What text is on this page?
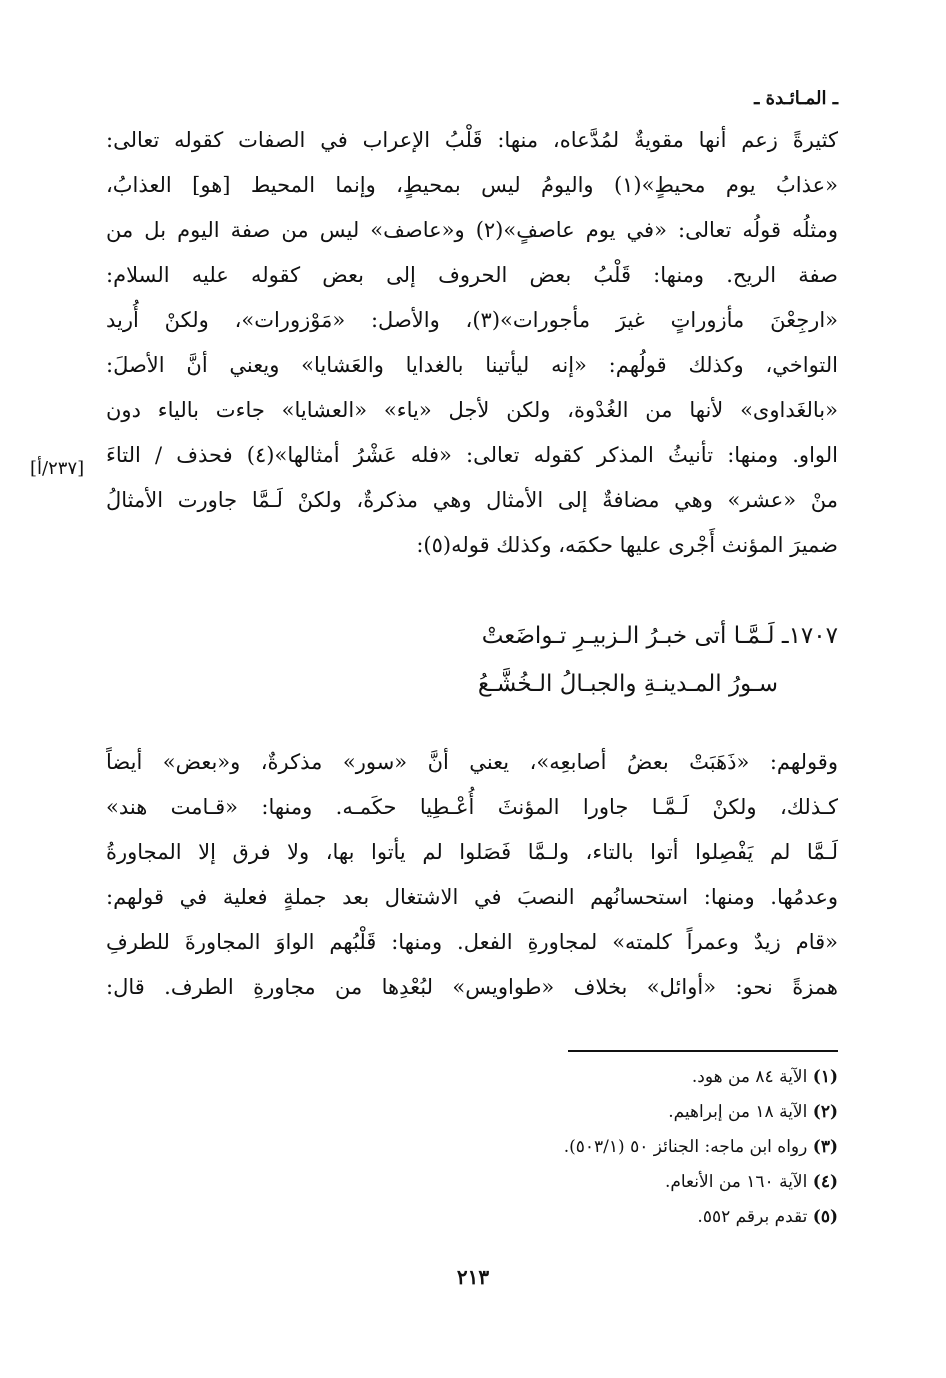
ـ المـائـدة ـ
[٢٣٧/أ]
كثيرةً زعم أنها مقويةٌ لمُدَّعاه، منها: قَلْبُ الإعراب في الصفات كقوله تعالى:
«عذابُ يوم محيطٍ»(١) واليومُ ليس بمحيطٍ، وإنما المحيط [هو] العذابُ،
ومثلُه قولُه تعالى: «في يوم عاصفٍ»(٢) و«عاصف» ليس من صفة اليوم بل من
صفة الريح. ومنها: قَلْبُ بعض الحروف إلى بعض كقوله عليه السلام:
«ارجِعْنَ مأزوراتٍ غيرَ مأجورات»(٣)، والأصل: «مَوْزورات»، ولكنْ أُريد
التواخي، وكذلك قولُهم: «إنه ليأتينا بالغدايا والعَشايا» ويعني أنَّ الأصلَ:
«بالغَداوى» لأنها من الغُدْوة، ولكن لأجل «ياء» «العشايا» جاءت بالياء دون
الواو. ومنها: تأنيثُ المذكر كقوله تعالى: «فله عَشْرُ أمثالها»(٤) فحذف / التاءَ
منْ «عشر» وهي مضافةٌ إلى الأمثال وهي مذكرةٌ، ولكنْ لَـمَّا جاورت الأمثالُ
ضميرَ المؤنث أَجْرى عليها حكمَه، وكذلك قوله(٥):
١٧٠٧ـ لَـمَّـا أتى خبـرُ الـزبيـرِ تـواضَعتْ
سـورُ المـدينـةِ والجبـالُ الـخُشَّـعُ
وقولهم: «ذَهَبَتْ بعضُ أصابعِه»، يعني أنَّ «سور» مذكرةٌ، و«بعض» أيضاً
كـذلك، ولكنْ لَـمَّـا جاورا المؤنثَ أُعْـطِيا حكَمـه. ومنها: «قـامت هند»
لَـمَّا لم يَفْصِلوا أتوا بالتاء، ولـمَّا فَصَلوا لم يأتوا بها، ولا فرق إلا المجاورةُ
وعدمُها. ومنها: استحسانُهم النصبَ في الاشتغال بعد جملةٍ فعلية في قولهم:
«قام زيدٌ وعمراً كلمته» لمجاورةِ الفعل. ومنها: قَلْبُهم الواوَ المجاورةَ للطرفِ
همزةً نحو: «أوائل» بخلاف «طواويس» لبُعْدِها من مجاورةِ الطرف. قال:
(١) الآية ٨٤ من هود.
(٢) الآية ١٨ من إبراهيم.
(٣) رواه ابن ماجه: الجنائز ٥٠ (٥٠٣/١).
(٤) الآية ١٦٠ من الأنعام.
(٥) تقدم برقم ٥٥٢.
٢١٣
